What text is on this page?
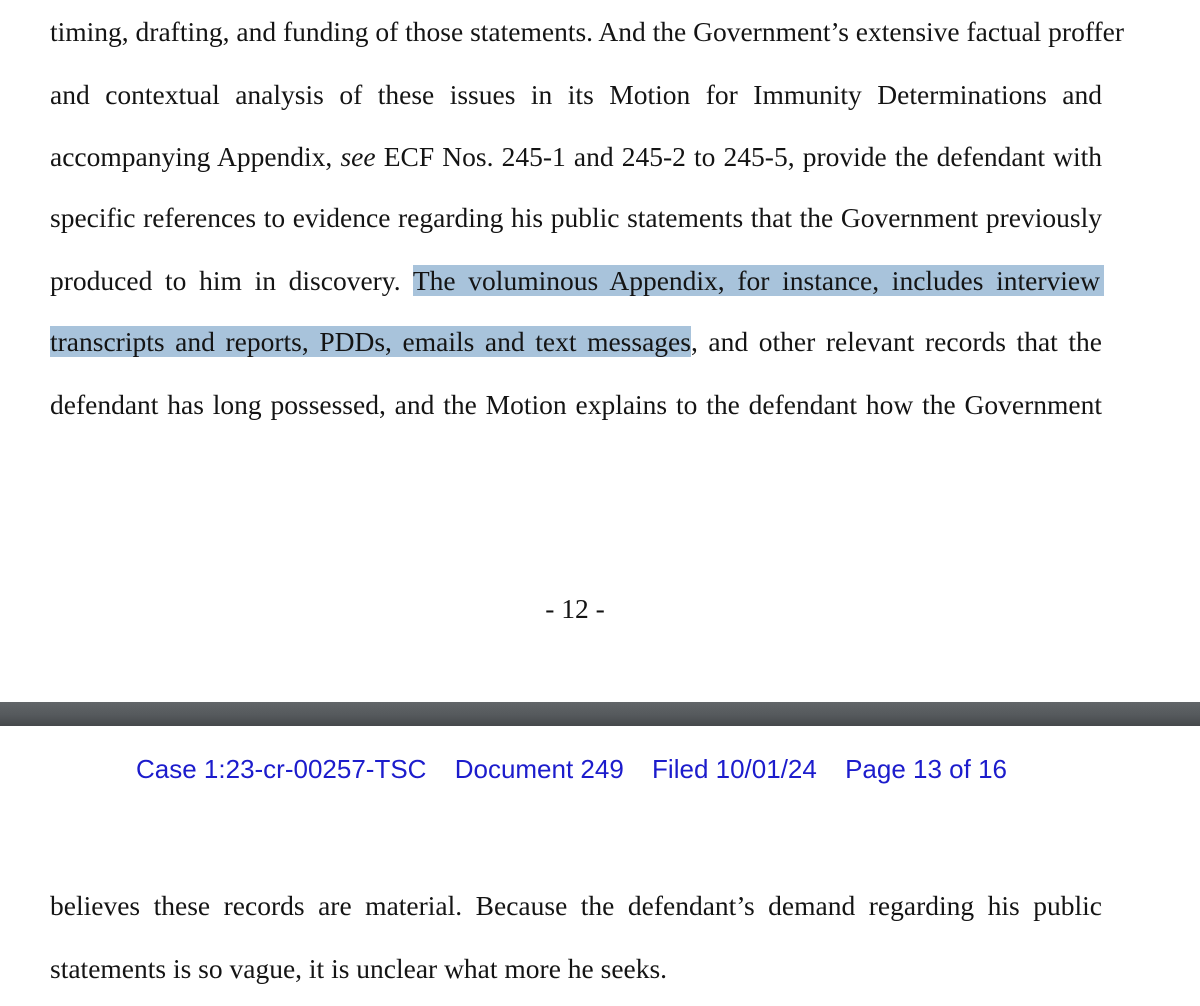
timing, drafting, and funding of those statements. And the Government’s extensive factual proffer
and contextual analysis of these issues in its Motion for Immunity Determinations and
accompanying Appendix, see ECF Nos. 245-1 and 245-2 to 245-5, provide the defendant with
specific references to evidence regarding his public statements that the Government previously
produced to him in discovery. The voluminous Appendix, for instance, includes interview
transcripts and reports, PDDs, emails and text messages, and other relevant records that the
defendant has long possessed, and the Motion explains to the defendant how the Government
- 12 -
Case 1:23-cr-00257-TSC Document 249 Filed 10/01/24 Page 13 of 16
believes these records are material. Because the defendant’s demand regarding his public
statements is so vague, it is unclear what more he seeks.
